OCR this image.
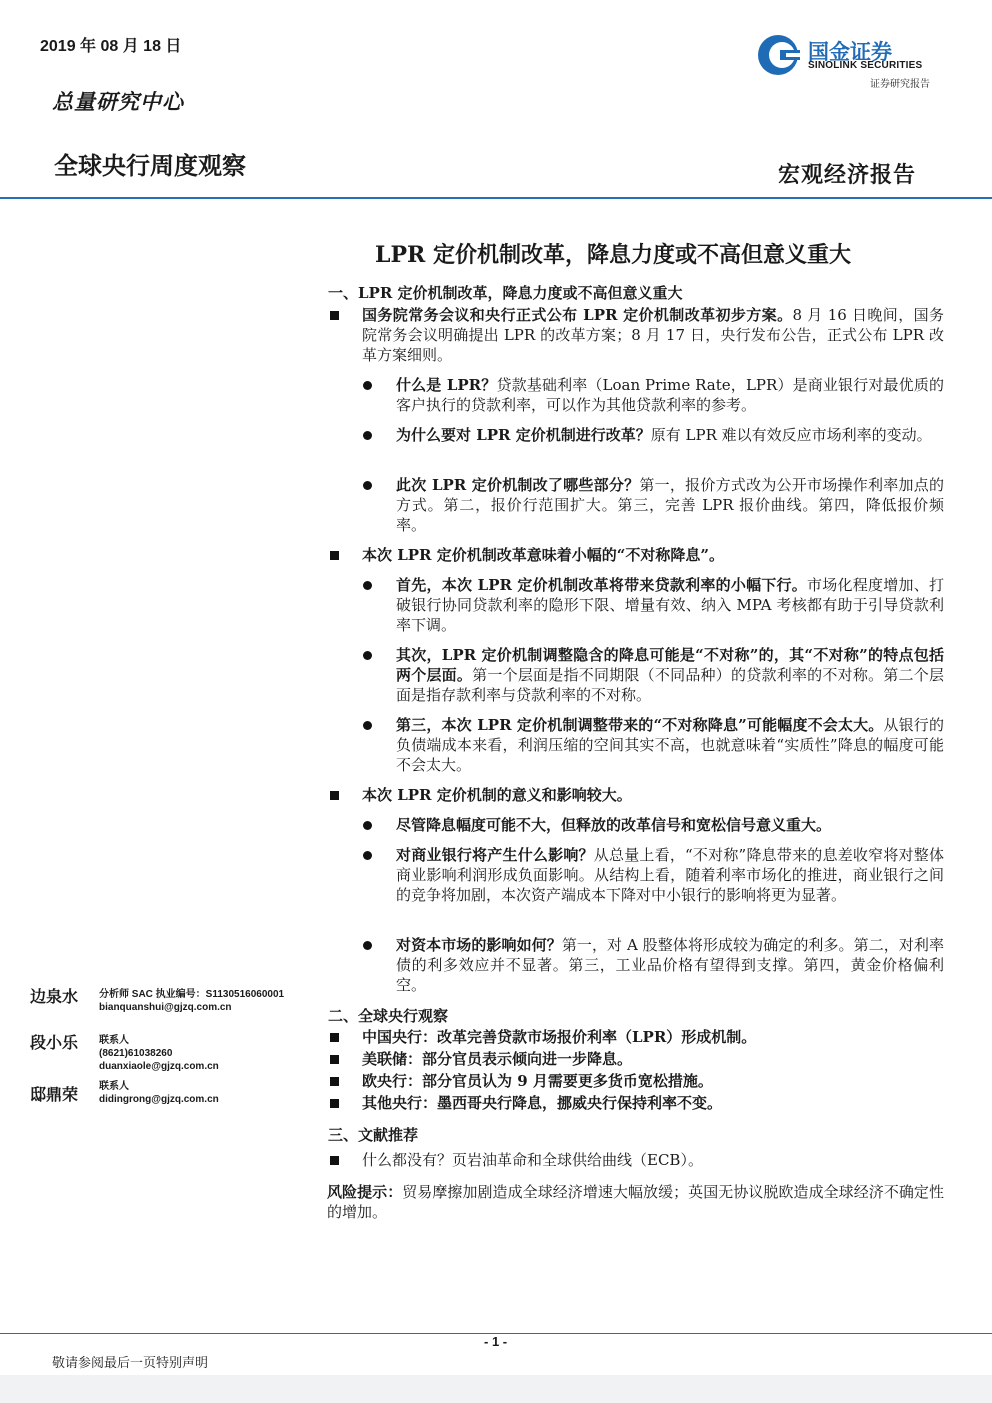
2019 年 08 月 18 日
总量研究中心
全球央行周度观察	宏观经济报告
国金证券
SINOLINK SECURITIES
证券研究报告
LPR 定价机制改革，降息力度或不高但意义重大
一、LPR 定价机制改革，降息力度或不高但意义重大
国务院常务会议和央行正式公布 LPR 定价机制改革初步方案。8 月 16 日晚间，国务院常务会议明确提出 LPR 的改革方案；8 月 17 日，央行发布公告，正式公布 LPR 改革方案细则。
什么是 LPR？贷款基础利率（Loan Prime Rate，LPR）是商业银行对最优质的客户执行的贷款利率，可以作为其他贷款利率的参考。
为什么要对 LPR 定价机制进行改革？原有 LPR 难以有效反应市场利率的变动。
此次 LPR 定价机制改了哪些部分？第一，报价方式改为公开市场操作利率加点的方式。第二，报价行范围扩大。第三，完善 LPR 报价曲线。第四，降低报价频率。
本次 LPR 定价机制改革意味着小幅的“不对称降息”。
首先，本次 LPR 定价机制改革将带来贷款利率的小幅下行。市场化程度增加、打破银行协同贷款利率的隐形下限、增量有效、纳入 MPA 考核都有助于引导贷款利率下调。
其次，LPR 定价机制调整隐含的降息可能是“不对称”的，其“不对称”的特点包括两个层面。第一个层面是指不同期限（不同品种）的贷款利率的不对称。第二个层面是指存款利率与贷款利率的不对称。
第三，本次 LPR 定价机制调整带来的“不对称降息”可能幅度不会太大。从银行的负债端成本来看，利润压缩的空间其实不高，也就意味着“实质性”降息的幅度可能不会太大。
本次 LPR 定价机制的意义和影响较大。
尽管降息幅度可能不大，但释放的改革信号和宽松信号意义重大。
对商业银行将产生什么影响？从总量上看，“不对称”降息带来的息差收窄将对整体商业影响利润形成负面影响。从结构上看，随着利率市场化的推进，商业银行之间的竞争将加剧，本次资产端成本下降对中小银行的影响将更为显著。
对资本市场的影响如何？第一，对 A 股整体将形成较为确定的利多。第二，对利率债的利多效应并不显著。第三，工业品价格有望得到支撑。第四，黄金价格偏利空。
二、全球央行观察
中国央行：改革完善贷款市场报价利率（LPR）形成机制。
美联储：部分官员表示倾向进一步降息。
欧央行：部分官员认为 9 月需要更多货币宽松措施。
其他央行：墨西哥央行降息，挪威央行保持利率不变。
三、文献推荐
什么都没有？页岩油革命和全球供给曲线（ECB）。
风险提示：贸易摩擦加剧造成全球经济增速大幅放缓；英国无协议脱欧造成全球经济不确定性的增加。
边泉水 分析师 SAC 执业编号：S1130516060001
bianquanshui@gjzq.com.cn
段小乐 联系人
(8621)61038260
duanxiaole@gjzq.com.cn
邸鼎荣 联系人
didingrong@gjzq.com.cn
- 1 -
敬请参阅最后一页特别声明
